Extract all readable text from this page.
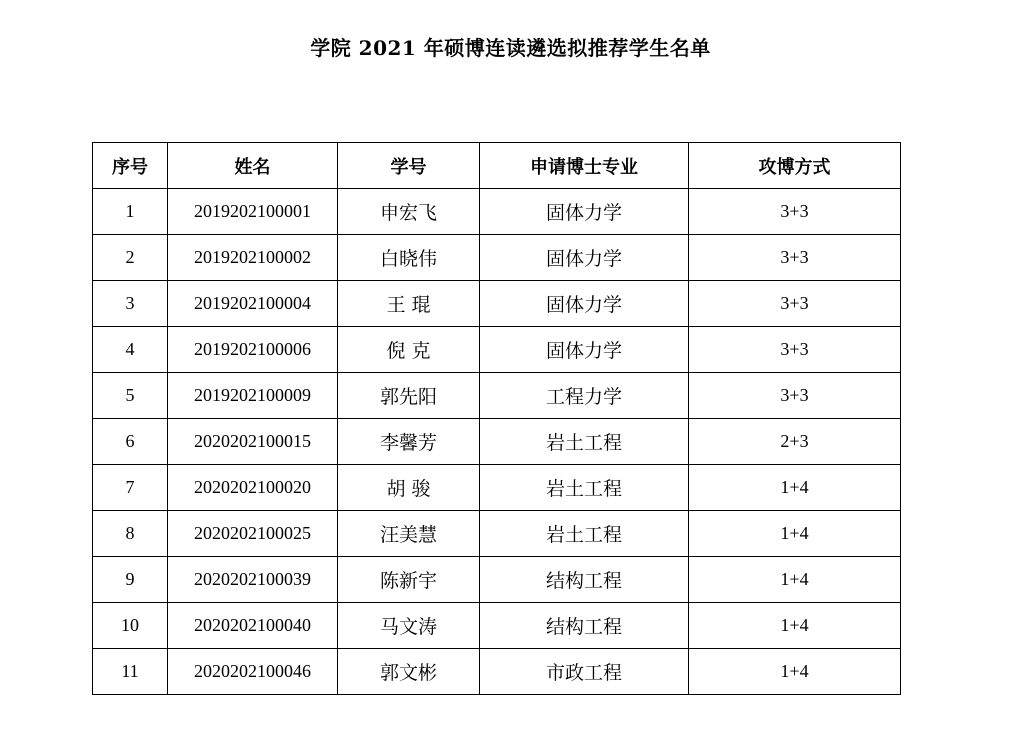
学院 2021 年硕博连读遴选拟推荐学生名单
序号	姓名	学号	申请博士专业	攻博方式
1	2019202100001	申宏飞	固体力学	3+3
2	2019202100002	白晓伟	固体力学	3+3
3	2019202100004	王 琨	固体力学	3+3
4	2019202100006	倪 克	固体力学	3+3
5	2019202100009	郭先阳	工程力学	3+3
6	2020202100015	李馨芳	岩土工程	2+3
7	2020202100020	胡 骏	岩土工程	1+4
8	2020202100025	汪美慧	岩土工程	1+4
9	2020202100039	陈新宇	结构工程	1+4
10	2020202100040	马文涛	结构工程	1+4
11	2020202100046	郭文彬	市政工程	1+4
